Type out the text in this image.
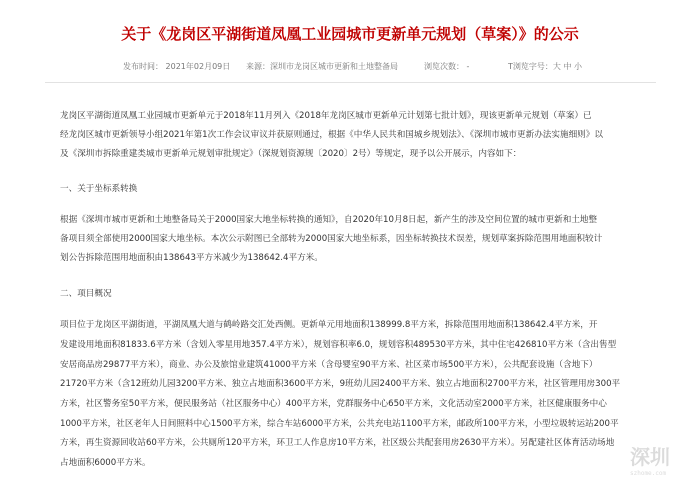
关于《龙岗区平湖街道凤凰工业园城市更新单元规划（草案）》的公示
发布时间： 2021年02月09日 来源：深圳市龙岗区城市更新和土地整备局	浏览次数： -	T浏览字号：大 中 小
龙岗区平湖街道凤凰工业园城市更新单元于2018年11月列入《2018年龙岗区城市更新单元计划第七批计划》，现该更新单元规划（草案）已
经龙岗区城市更新领导小组2021年第1次工作会议审议并获原则通过，根据《中华人民共和国城乡规划法》、《深圳市城市更新办法实施细则》以
及《深圳市拆除重建类城市更新单元规划审批规定》（深规划资源规〔2020〕2号）等规定，现予以公开展示，内容如下：
一、关于坐标系转换
根据《深圳市城市更新和土地整备局关于2000国家大地坐标转换的通知》，自2020年10月8日起，新产生的涉及空间位置的城市更新和土地整
备项目须全部使用2000国家大地坐标。本次公示附图已全部转为2000国家大地坐标系，因坐标转换技术误差，规划草案拆除范围用地面积较计
划公告拆除范围用地面积由138643平方米减少为138642.4平方米。
二、项目概况
项目位于龙岗区平湖街道，平湖凤凰大道与鹤岭路交汇处西侧。更新单元用地面积138999.8平方米，拆除范围用地面积138642.4平方米，开
发建设用地面积81833.6平方米（含划入零星用地357.4平方米），规划容积率6.0，规划容积489530平方米，其中住宅426810平方米（含出售型
安居商品房29877平方米），商业、办公及旅馆业建筑41000平方米（含母婴室90平方米、社区菜市场500平方米），公共配套设施（含地下）
21720平方米（含12班幼儿园3200平方米、独立占地面积3600平方米，9班幼儿园2400平方米、独立占地面积2700平方米，社区管理用房300平
方米，社区警务室50平方米，便民服务站（社区服务中心）400平方米，党群服务中心650平方米，文化活动室2000平方米，社区健康服务中心
1000平方米，社区老年人日间照料中心1500平方米，综合车站6000平方米，公共充电站1100平方米，邮政所100平方米，小型垃圾转运站200平
方米，再生资源回收站60平方米，公共厕所120平方米，环卫工人作息房10平方米，社区级公共配套用房2630平方米）。另配建社区体育活动场地
占地面积6000平方米。	深圳
szhome.com
